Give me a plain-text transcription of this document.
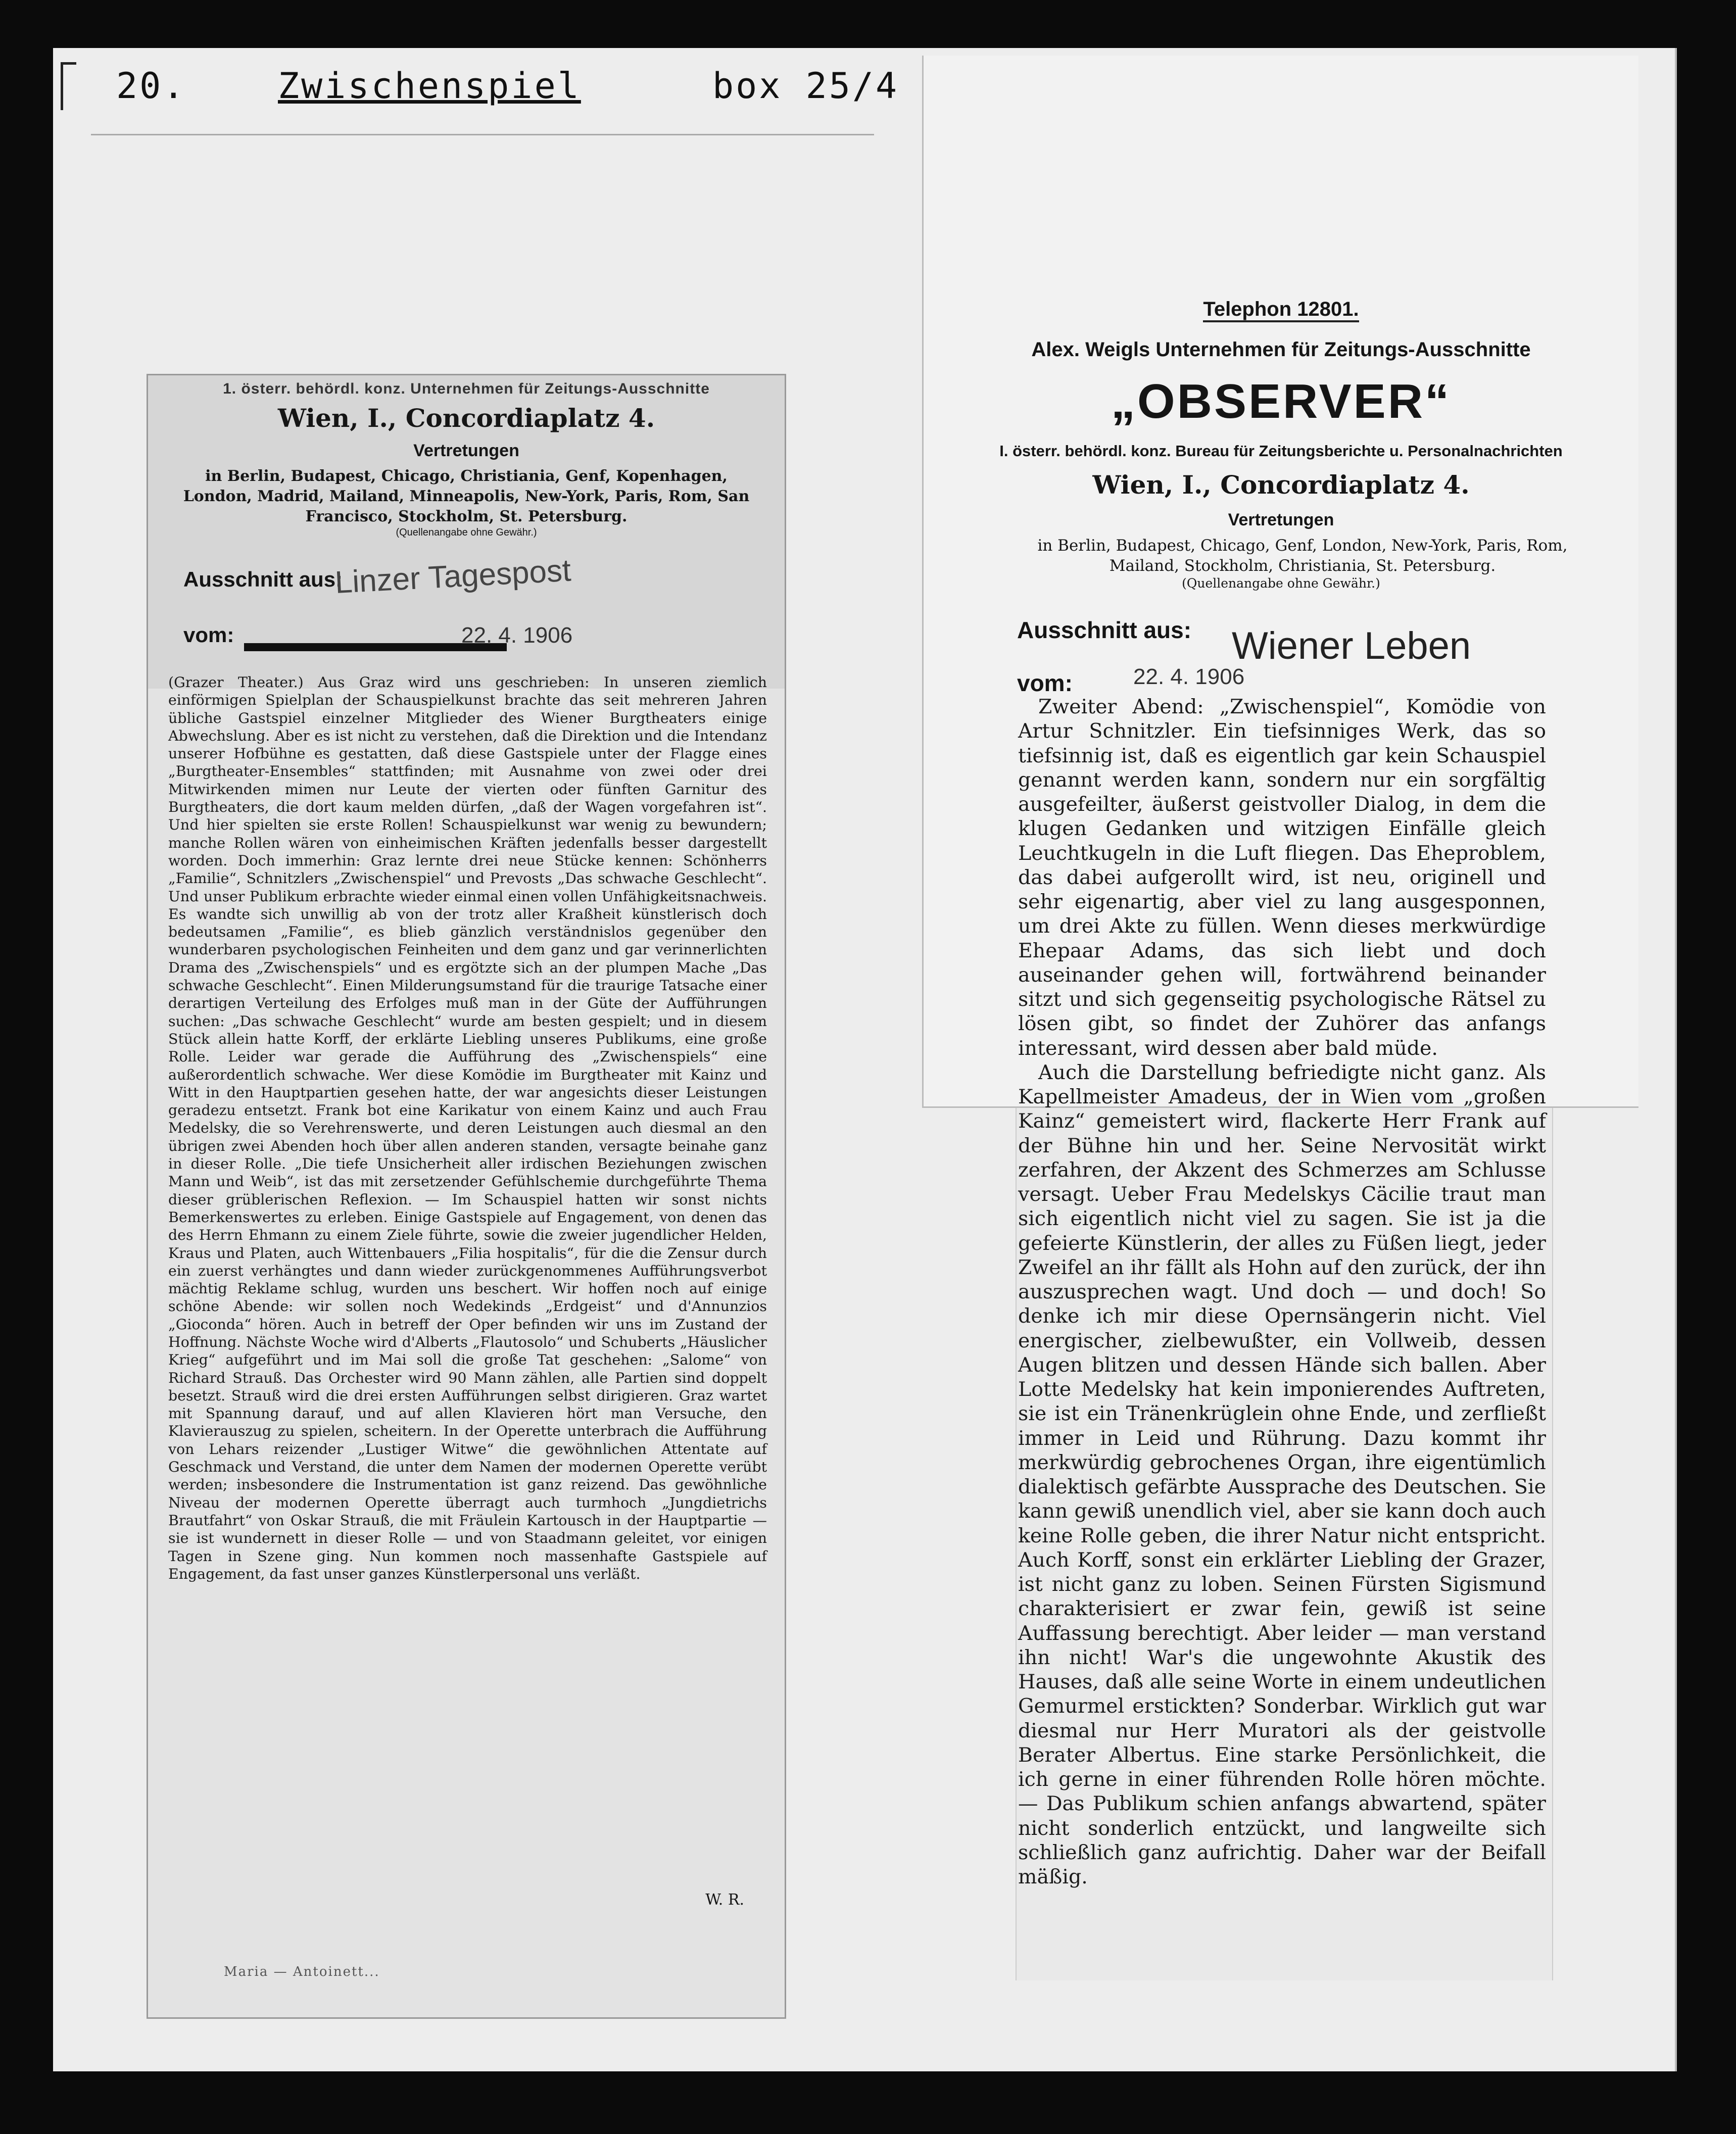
20.	Zwischenspiel	box 25/4
1. österr. behördl. konz. Unternehmen für Zeitungs-Ausschnitte
Wien, I., Concordiaplatz 4.
Vertretungen
in Berlin, Budapest, Chicago, Christiania, Genf, Kopenhagen, London, Madrid, Mailand, Minneapolis, New-York, Paris, Rom, San Francisco, Stockholm, St. Petersburg.
(Quellenangabe ohne Gewähr.)
Ausschnitt aus:
Linzer Tagespost
vom:	22. 4. 1906

(Grazer Theater.) Aus Graz wird uns geschrieben: In unseren ziemlich einförmigen Spielplan der Schauspielkunst brachte das seit mehreren Jahren übliche Gastspiel einzelner Mitglieder des Wiener Burgtheaters einige Abwechslung. Aber es ist nicht zu verstehen, daß die Direktion und die Intendanz unserer Hofbühne es gestatten, daß diese Gastspiele unter der Flagge eines „Burgtheater-Ensembles“ stattfinden; mit Ausnahme von zwei oder drei Mitwirkenden mimen nur Leute der vierten oder fünften Garnitur des Burgtheaters, die dort kaum melden dürfen, „daß der Wagen vorgefahren ist“. Und hier spielten sie erste Rollen! Schauspielkunst war wenig zu bewundern; manche Rollen wären von einheimischen Kräften jedenfalls besser dargestellt worden. Doch immerhin: Graz lernte drei neue Stücke kennen: Schönherrs „Familie“, Schnitzlers „Zwischenspiel“ und Prevosts „Das schwache Geschlecht“. Und unser Publikum erbrachte wieder einmal einen vollen Unfähigkeitsnachweis. Es wandte sich unwillig ab von der trotz aller Kraßheit künstlerisch doch bedeutsamen „Familie“, es blieb gänzlich verständnislos gegenüber den wunderbaren psychologischen Feinheiten und dem ganz und gar verinnerlichten Drama des „Zwischenspiels“ und es ergötzte sich an der plumpen Mache „Das schwache Geschlecht“. Einen Milderungsumstand für die traurige Tatsache einer derartigen Verteilung des Erfolges muß man in der Güte der Aufführungen suchen: „Das schwache Geschlecht“ wurde am besten gespielt; und in diesem Stück allein hatte Korff, der erklärte Liebling unseres Publikums, eine große Rolle. Leider war gerade die Aufführung des „Zwischenspiels“ eine außerordentlich schwache. Wer diese Komödie im Burgtheater mit Kainz und Witt in den Hauptpartien gesehen hatte, der war angesichts dieser Leistungen geradezu entsetzt. Frank bot eine Karikatur von einem Kainz und auch Frau Medelsky, die so Verehrenswerte, und deren Leistungen auch diesmal an den übrigen zwei Abenden hoch über allen anderen standen, versagte beinahe ganz in dieser Rolle. „Die tiefe Unsicherheit aller irdischen Beziehungen zwischen Mann und Weib“, ist das mit zersetzender Gefühlschemie durchgeführte Thema dieser grüblerischen Reflexion. — Im Schauspiel hatten wir sonst nichts Bemerkenswertes zu erleben. Einige Gastspiele auf Engagement, von denen das des Herrn Ehmann zu einem Ziele führte, sowie die zweier jugendlicher Helden, Kraus und Platen, auch Wittenbauers „Filia hospitalis“, für die die Zensur durch ein zuerst verhängtes und dann wieder zurückgenommenes Aufführungsverbot mächtig Reklame schlug, wurden uns beschert. Wir hoffen noch auf einige schöne Abende: wir sollen noch Wedekinds „Erdgeist“ und d'Annunzios „Gioconda“ hören. Auch in betreff der Oper befinden wir uns im Zustand der Hoffnung. Nächste Woche wird d'Alberts „Flautosolo“ und Schuberts „Häuslicher Krieg“ aufgeführt und im Mai soll die große Tat geschehen: „Salome“ von Richard Strauß. Das Orchester wird 90 Mann zählen, alle Partien sind doppelt besetzt. Strauß wird die drei ersten Aufführungen selbst dirigieren. Graz wartet mit Spannung darauf, und auf allen Klavieren hört man Versuche, den Klavierauszug zu spielen, scheitern. In der Operette unterbrach die Aufführung von Lehars reizender „Lustiger Witwe“ die gewöhnlichen Attentate auf Geschmack und Verstand, die unter dem Namen der modernen Operette verübt werden; insbesondere die Instrumentation ist ganz reizend. Das gewöhnliche Niveau der modernen Operette überragt auch turmhoch „Jungdietrichs Brautfahrt“ von Oskar Strauß, die mit Fräulein Kartousch in der Hauptpartie — sie ist wundernett in dieser Rolle — und von Staadmann geleitet, vor einigen Tagen in Szene ging. Nun kommen noch massenhafte Gastspiele auf Engagement, da fast unser ganzes Künstlerpersonal uns verläßt.

W. R.
Maria — Antoinett...
Telephon 12801.
Alex. Weigls Unternehmen für Zeitungs-Ausschnitte
„OBSERVER“
I. österr. behördl. konz. Bureau für Zeitungsberichte u. Personalnachrichten
Wien, I., Concordiaplatz 4.
Vertretungen
in Berlin, Budapest, Chicago, Genf, London, New-York, Paris, Rom, Mailand, Stockholm, Christiania, St. Petersburg.
(Quellenangabe ohne Gewähr.)
Ausschnitt aus: Wiener Leben
vom:	22. 4. 1906

Zweiter Abend: „Zwischenspiel“, Komödie von Artur Schnitzler. Ein tiefsinniges Werk, das so tiefsinnig ist, daß es eigentlich gar kein Schauspiel genannt werden kann, sondern nur ein sorgfältig ausgefeilter, äußerst geistvoller Dialog, in dem die klugen Gedanken und witzigen Einfälle gleich Leuchtkugeln in die Luft fliegen. Das Eheproblem, das dabei aufgerollt wird, ist neu, originell und sehr eigenartig, aber viel zu lang ausgesponnen, um drei Akte zu füllen. Wenn dieses merkwürdige Ehepaar Adams, das sich liebt und doch auseinander gehen will, fortwährend beinander sitzt und sich gegenseitig psychologische Rätsel zu lösen gibt, so findet der Zuhörer das anfangs interessant, wird dessen aber bald müde.

Auch die Darstellung befriedigte nicht ganz. Als Kapellmeister Amadeus, der in Wien vom „großen Kainz“ gemeistert wird, flackerte Herr Frank auf der Bühne hin und her. Seine Nervosität wirkt zerfahren, der Akzent des Schmerzes am Schlusse versagt. Ueber Frau Medelskys Cäcilie traut man sich eigentlich nicht viel zu sagen. Sie ist ja die gefeierte Künstlerin, der alles zu Füßen liegt, jeder Zweifel an ihr fällt als Hohn auf den zurück, der ihn auszusprechen wagt. Und doch — und doch! So denke ich mir diese Opernsängerin nicht. Viel energischer, zielbewußter, ein Vollweib, dessen Augen blitzen und dessen Hände sich ballen. Aber Lotte Medelsky hat kein imponierendes Auftreten, sie ist ein Tränenkrüglein ohne Ende, und zerfließt immer in Leid und Rührung. Dazu kommt ihr merkwürdig gebrochenes Organ, ihre eigentümlich dialektisch gefärbte Aussprache des Deutschen. Sie kann gewiß unendlich viel, aber sie kann doch auch keine Rolle geben, die ihrer Natur nicht entspricht. Auch Korff, sonst ein erklärter Liebling der Grazer, ist nicht ganz zu loben. Seinen Fürsten Sigismund charakterisiert er zwar fein, gewiß ist seine Auffassung berechtigt. Aber leider — man verstand ihn nicht! War's die ungewohnte Akustik des Hauses, daß alle seine Worte in einem undeutlichen Gemurmel erstickten? Sonderbar. Wirklich gut war diesmal nur Herr Muratori als der geistvolle Berater Albertus. Eine starke Persönlichkeit, die ich gerne in einer führenden Rolle hören möchte. — Das Publikum schien anfangs abwartend, später nicht sonderlich entzückt, und langweilte sich schließlich ganz aufrichtig. Daher war der Beifall mäßig.
